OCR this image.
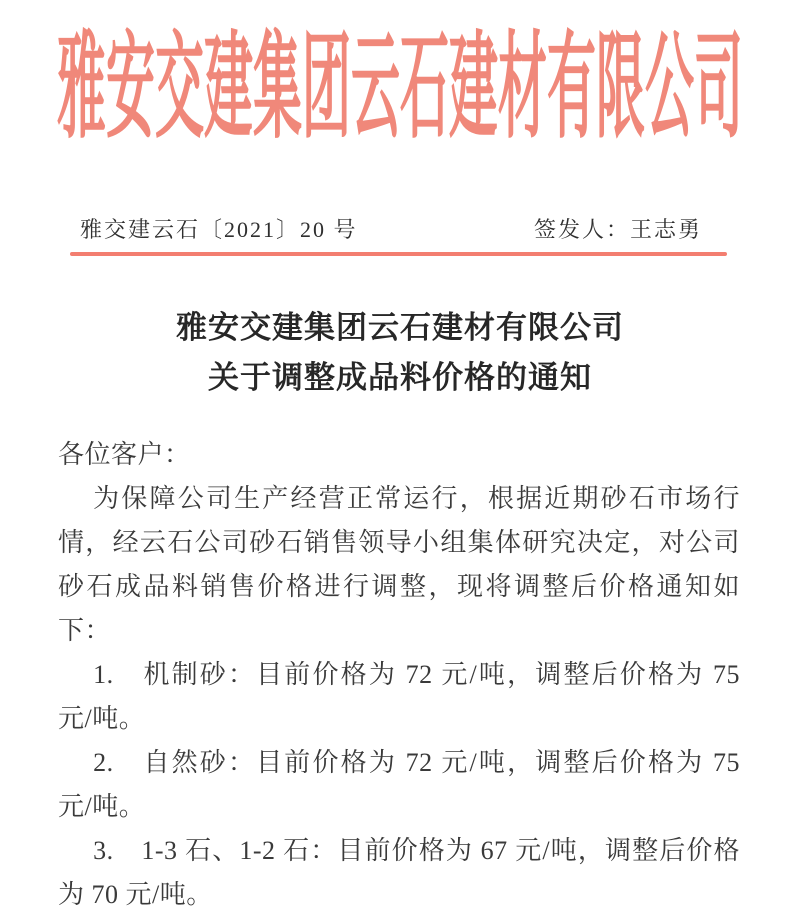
雅安交建集团云石建材有限公司
雅交建云石〔2021〕20 号	签发人：王志勇
雅安交建集团云石建材有限公司
关于调整成品料价格的通知

各位客户：

为保障公司生产经营正常运行，根据近期砂石市场行情，经云石公司砂石销售领导小组集体研究决定，对公司砂石成品料销售价格进行调整，现将调整后价格通知如下：

1.　机制砂：目前价格为 72 元/吨，调整后价格为 75 元/吨。

2.　自然砂：目前价格为 72 元/吨，调整后价格为 75 元/吨。

3.　1-3 石、1-2 石：目前价格为 67 元/吨，调整后价格为 70 元/吨。
